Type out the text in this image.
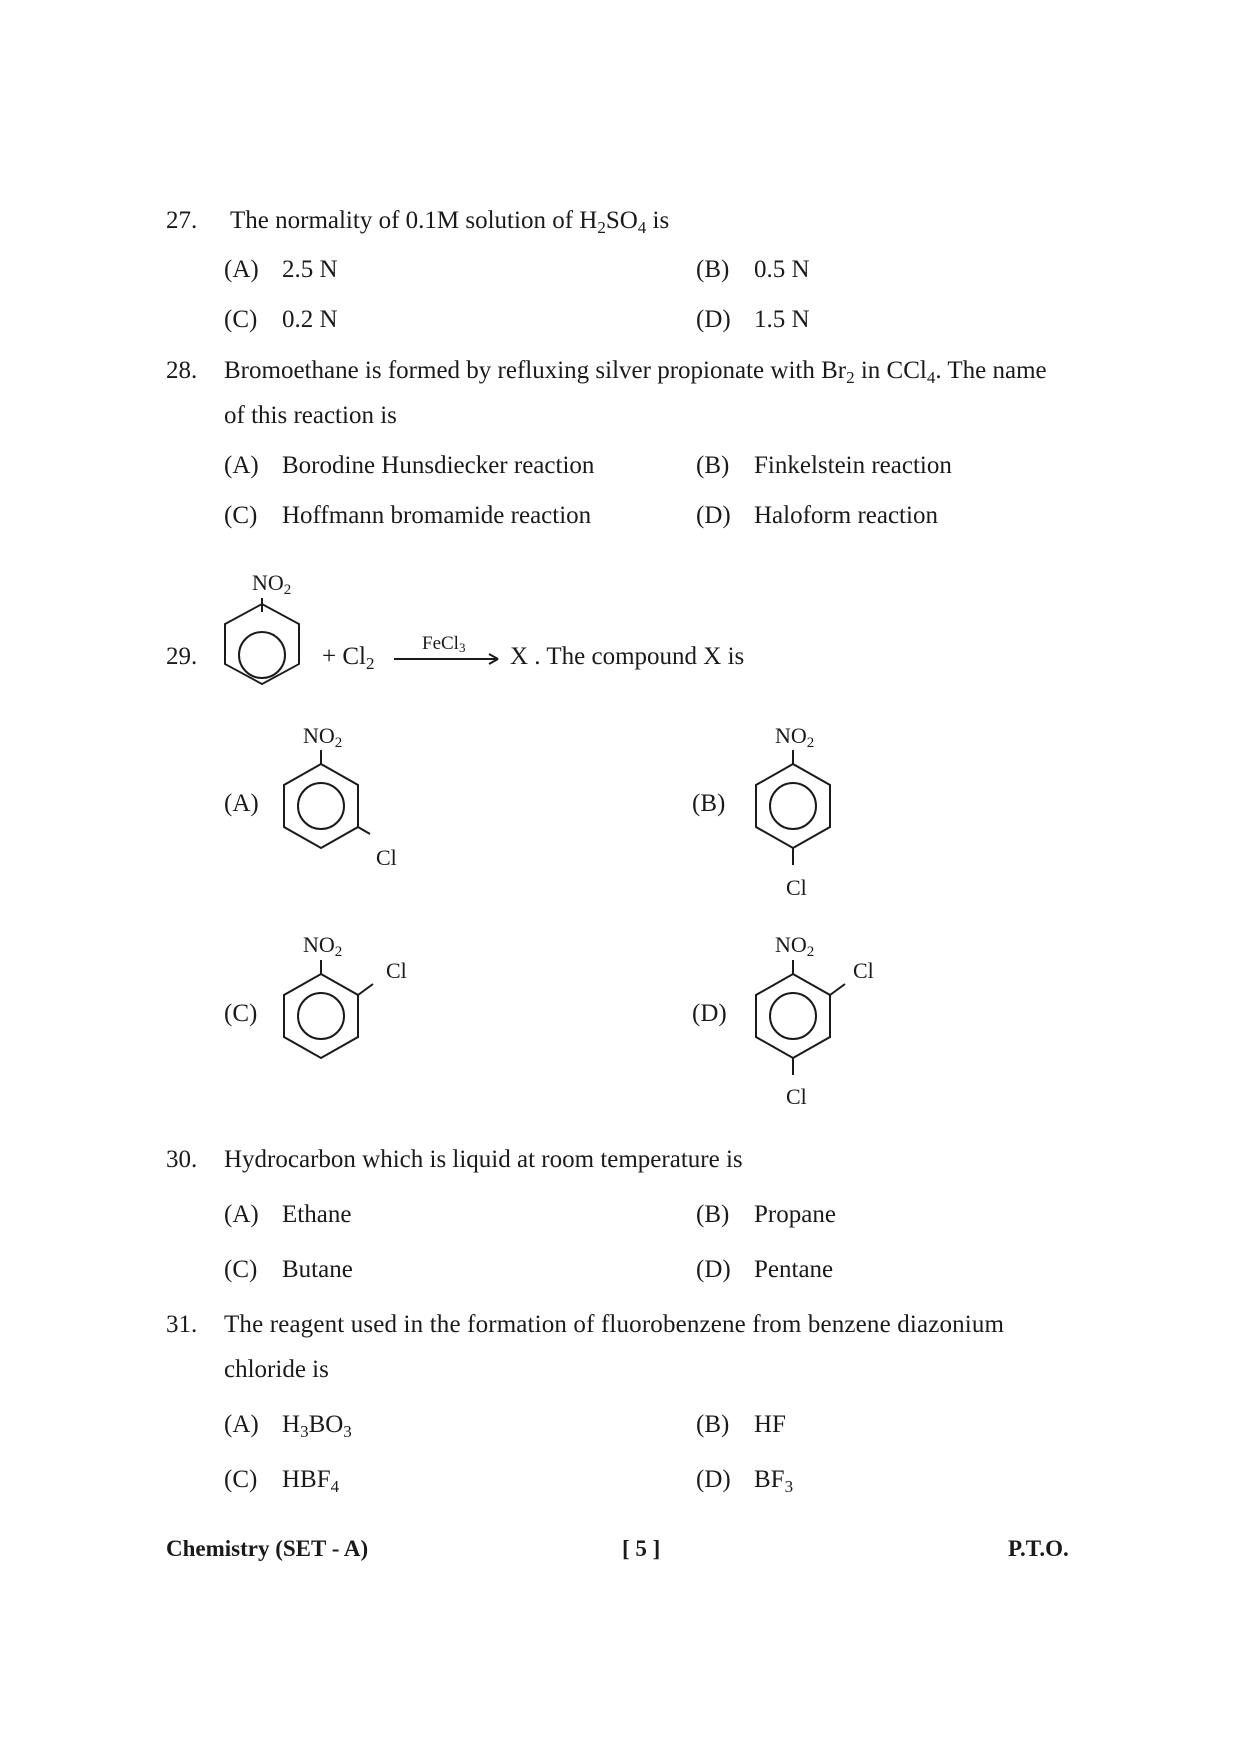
27. The normality of 0.1M solution of $H_2SO_4$ is
(A) 2.5 N	(B) 0.5 N
(C) 0.2 N	(D) 1.5 N
28. Bromoethane is formed by refluxing silver propionate with $Br_2$ in CCl$_4$. The name
of this reaction is
(A) Borodine Hunsdiecker reaction	(B) Finkelstein reaction
(C) Hoffmann bromamide reaction	(D) Haloform reaction
29.
$NO_2$
+ $Cl_2$
FeCl$_3$ X . The compound X is
(A)
$NO_2$
Cl
(B)
$NO_2$
Cl
(C)
$NO_2$
Cl
(D)
$NO_2$
Cl
Cl
30. Hydrocarbon which is liquid at room temperature is
(A) Ethane	(B) Propane
(C) Butane	(D) Pentane
31. The reagent used in the formation of fluorobenzene from benzene diazonium
chloride is
(A) $H_3BO_3$	(B) HF
(C) $HBF_4$	(D) $BF_3$
Chemistry (SET - A)	[ 5 ]	P.T.O.
